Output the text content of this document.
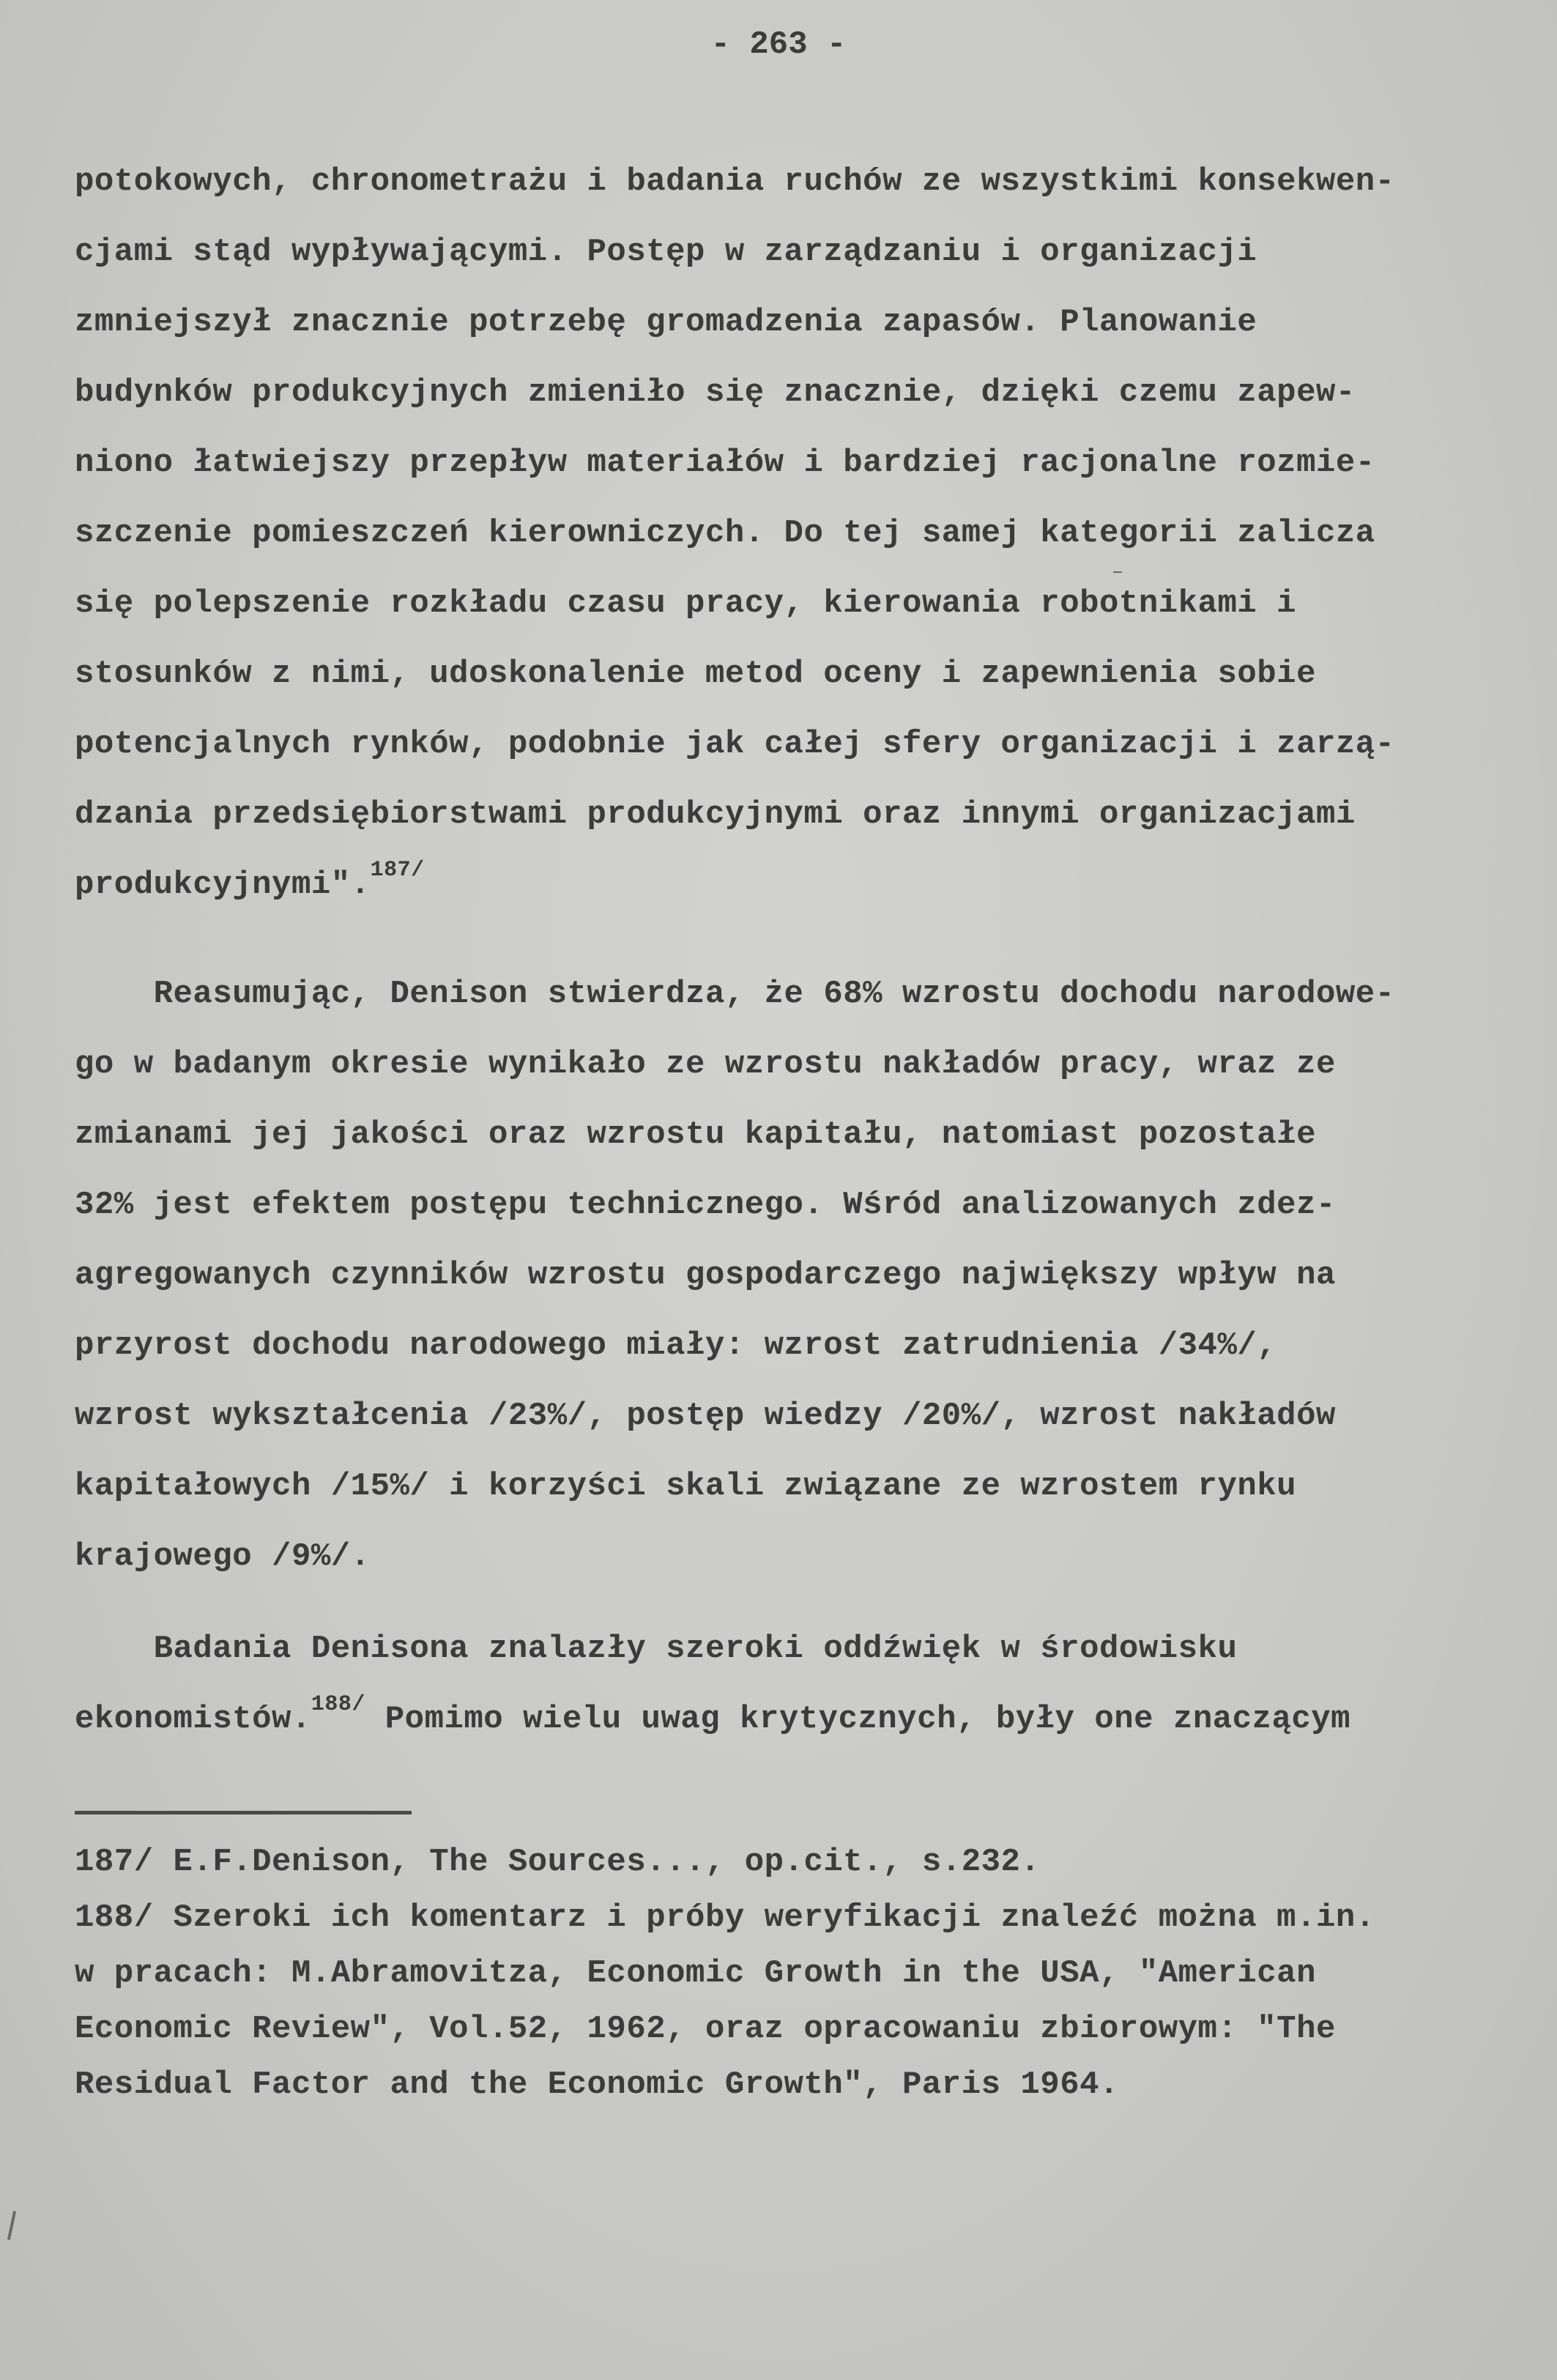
- 263 -
potokowych, chronometrażu i badania ruchów ze wszystkimi konsekwen-
cjami stąd wypływającymi. Postęp w zarządzaniu i organizacji
zmniejszył znacznie potrzebę gromadzenia zapasów. Planowanie
budynków produkcyjnych zmieniło się znacznie, dzięki czemu zapew-
niono łatwiejszy przepływ materiałów i bardziej racjonalne rozmie-
szczenie pomieszczeń kierowniczych. Do tej samej kategorii zalicza
się polepszenie rozkładu czasu pracy, kierowania robotnikami i
stosunków z nimi, udoskonalenie metod oceny i zapewnienia sobie
potencjalnych rynków, podobnie jak całej sfery organizacji i zarzą-
dzania przedsiębiorstwami produkcyjnymi oraz innymi organizacjami
produkcyjnymi".$^{187/}$
Reasumując, Denison stwierdza, że 68% wzrostu dochodu narodowe-
go w badanym okresie wynikało ze wzrostu nakładów pracy, wraz ze
zmianami jej jakości oraz wzrostu kapitału, natomiast pozostałe
32% jest efektem postępu technicznego. Wśród analizowanych zdez-
agregowanych czynników wzrostu gospodarczego największy wpływ na
przyrost dochodu narodowego miały: wzrost zatrudnienia /34%/,
wzrost wykształcenia /23%/, postęp wiedzy /20%/, wzrost nakładów
kapitałowych /15%/ i korzyści skali związane ze wzrostem rynku
krajowego /9%/.
Badania Denisona znalazły szeroki oddźwięk w środowisku
ekonomistów.$^{188/}$ Pomimo wielu uwag krytycznych, były one znaczącym
187/ E.F.Denison, The Sources..., op.cit., s.232.
188/ Szeroki ich komentarz i próby weryfikacji znaleźć można m.in.
w pracach: M.Abramovitza, Economic Growth in the USA, "American
Economic Review", Vol.52, 1962, oraz opracowaniu zbiorowym: "The
Residual Factor and the Economic Growth", Paris 1964.
